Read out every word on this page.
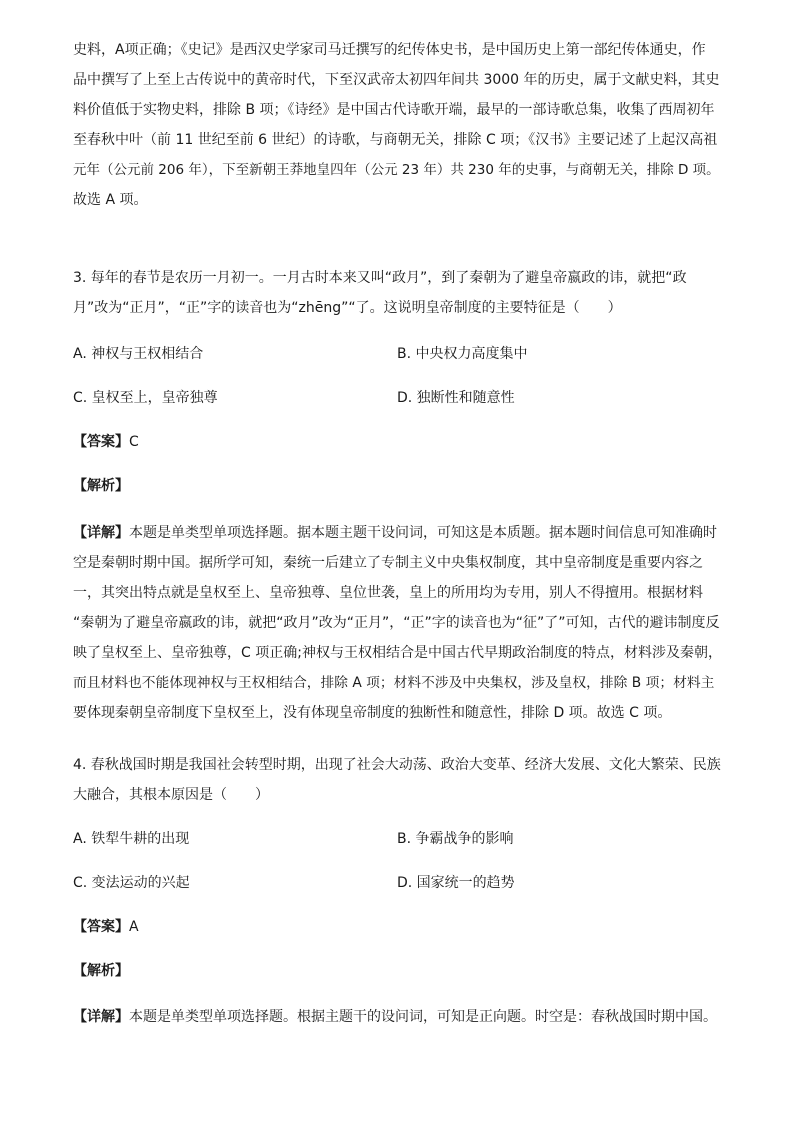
史料，A项正确；《史记》是西汉史学家司马迁撰写的纪传体史书，是中国历史上第一部纪传体通史，作
品中撰写了上至上古传说中的黄帝时代，下至汉武帝太初四年间共 3000 年的历史，属于文献史料，其史
料价值低于实物史料，排除 B 项；《诗经》是中国古代诗歌开端，最早的一部诗歌总集，收集了西周初年
至春秋中叶（前 11 世纪至前 6 世纪）的诗歌，与商朝无关，排除 C 项；《汉书》主要记述了上起汉高祖
元年（公元前 206 年），下至新朝王莽地皇四年（公元 23 年）共 230 年的史事，与商朝无关，排除 D 项。
故选 A 项。
3. 每年的春节是农历一月初一。一月古时本来又叫“政月”，到了秦朝为了避皇帝嬴政的讳，就把“政
月”改为“正月”，“正”字的读音也为“zhēng”“了。这说明皇帝制度的主要特征是（　　）
A. 神权与王权相结合	B. 中央权力高度集中
C. 皇权至上，皇帝独尊	D. 独断性和随意性
【答案】C
【解析】
【详解】本题是单类型单项选择题。据本题主题干设问词，可知这是本质题。据本题时间信息可知准确时
空是秦朝时期中国。据所学可知，秦统一后建立了专制主义中央集权制度，其中皇帝制度是重要内容之
一，其突出特点就是皇权至上、皇帝独尊、皇位世袭，皇上的所用均为专用，别人不得擅用。根据材料
“秦朝为了避皇帝嬴政的讳，就把“政月”改为“正月”，“正”字的读音也为“征”了”可知，古代的避讳制度反
映了皇权至上、皇帝独尊，C 项正确;神权与王权相结合是中国古代早期政治制度的特点，材料涉及秦朝，
而且材料也不能体现神权与王权相结合，排除 A 项；材料不涉及中央集权，涉及皇权，排除 B 项；材料主
要体现秦朝皇帝制度下皇权至上，没有体现皇帝制度的独断性和随意性，排除 D 项。故选 C 项。
4. 春秋战国时期是我国社会转型时期，出现了社会大动荡、政治大变革、经济大发展、文化大繁荣、民族
大融合，其根本原因是（　　）
A. 铁犁牛耕的出现	B. 争霸战争的影响
C. 变法运动的兴起	D. 国家统一的趋势
【答案】A
【解析】
【详解】本题是单类型单项选择题。根据主题干的设问词，可知是正向题。时空是：春秋战国时期中国。
